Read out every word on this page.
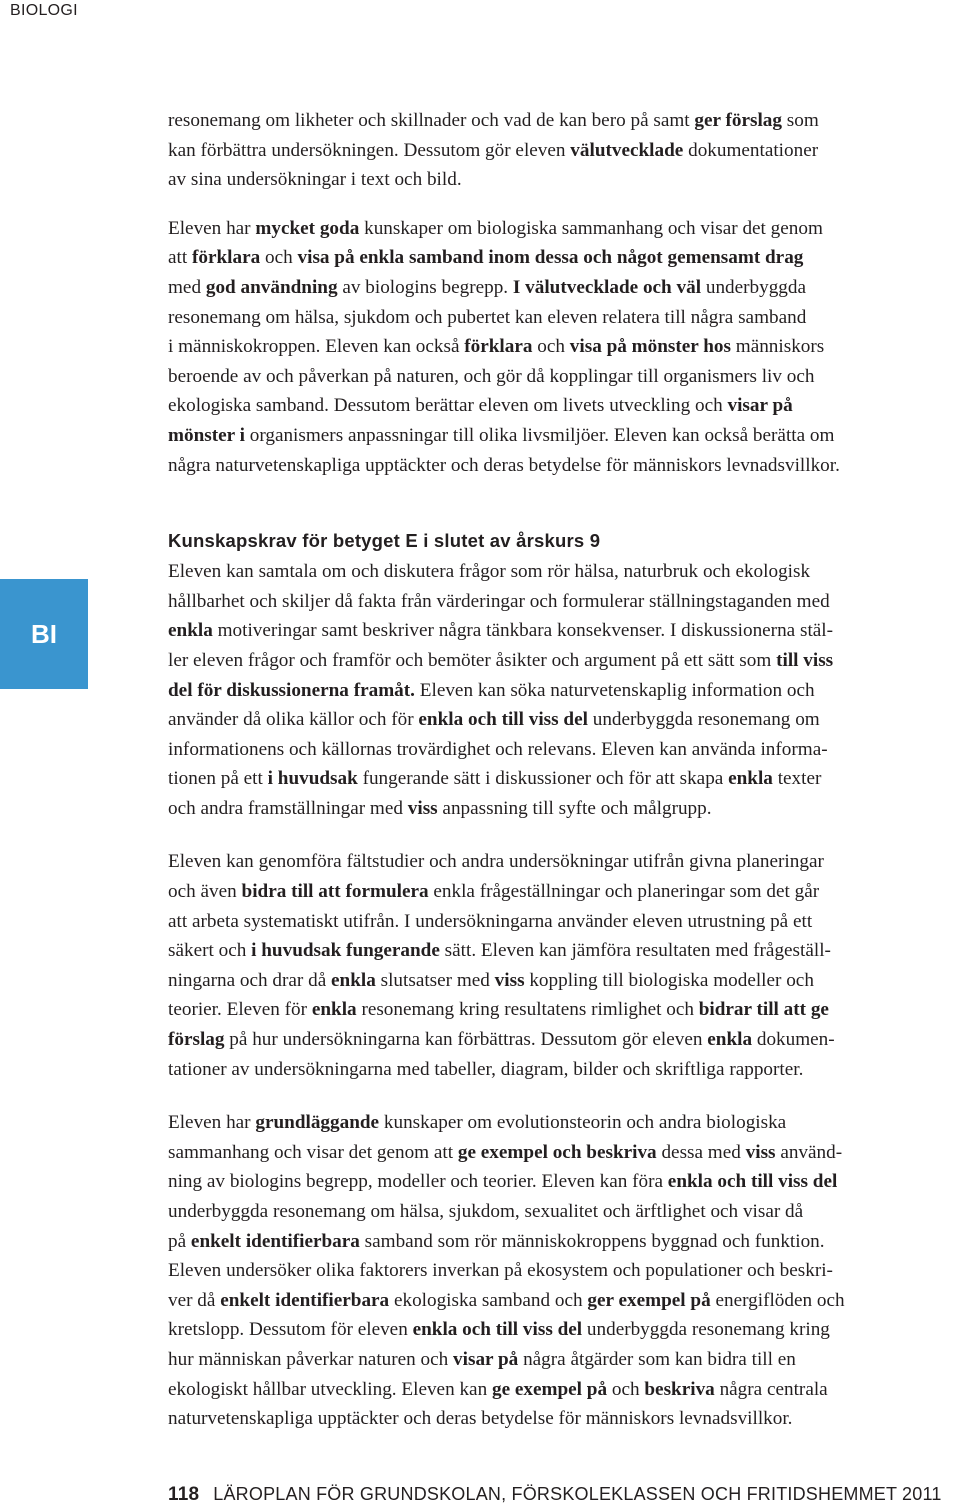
BIOLOGI
BI
resonemang om likheter och skillnader och vad de kan bero på samt ger förslag som
kan förbättra undersökningen. Dessutom gör eleven välutvecklade dokumentationer
av sina undersökningar i text och bild.
Eleven har mycket goda kunskaper om biologiska sammanhang och visar det genom
att förklara och visa på enkla samband inom dessa och något gemensamt drag
med god användning av biologins begrepp. I välutvecklade och väl underbyggda
resonemang om hälsa, sjukdom och pubertet kan eleven relatera till några samband
i människokroppen. Eleven kan också förklara och visa på mönster hos människors
beroende av och påverkan på naturen, och gör då kopplingar till organismers liv och
ekologiska samband. Dessutom berättar eleven om livets utveckling och visar på
mönster i organismers anpassningar till olika livsmiljöer. Eleven kan också berätta om
några naturvetenskapliga upptäckter och deras betydelse för människors levnadsvillkor.
Kunskapskrav för betyget E i slutet av årskurs 9
Eleven kan samtala om och diskutera frågor som rör hälsa, naturbruk och ekologisk
hållbarhet och skiljer då fakta från värderingar och formulerar ställningstaganden med
enkla motiveringar samt beskriver några tänkbara konsekvenser. I diskussionerna stäl-
ler eleven frågor och framför och bemöter åsikter och argument på ett sätt som till viss
del för diskussionerna framåt. Eleven kan söka naturvetenskaplig information och
använder då olika källor och för enkla och till viss del underbyggda resonemang om
informationens och källornas trovärdighet och relevans. Eleven kan använda informa-
tionen på ett i huvudsak fungerande sätt i diskussioner och för att skapa enkla texter
och andra framställningar med viss anpassning till syfte och målgrupp.
Eleven kan genomföra fältstudier och andra undersökningar utifrån givna planeringar
och även bidra till att formulera enkla frågeställningar och planeringar som det går
att arbeta systematiskt utifrån. I undersökningarna använder eleven utrustning på ett
säkert och i huvudsak fungerande sätt. Eleven kan jämföra resultaten med frågeställ-
ningarna och drar då enkla slutsatser med viss koppling till biologiska modeller och
teorier. Eleven för enkla resonemang kring resultatens rimlighet och bidrar till att ge
förslag på hur undersökningarna kan förbättras. Dessutom gör eleven enkla dokumen-
tationer av undersökningarna med tabeller, diagram, bilder och skriftliga rapporter.
Eleven har grundläggande kunskaper om evolutionsteorin och andra biologiska
sammanhang och visar det genom att ge exempel och beskriva dessa med viss använd-
ning av biologins begrepp, modeller och teorier. Eleven kan föra enkla och till viss del
underbyggda resonemang om hälsa, sjukdom, sexualitet och ärftlighet och visar då
på enkelt identifierbara samband som rör människokroppens byggnad och funktion.
Eleven undersöker olika faktorers inverkan på ekosystem och populationer och beskri-
ver då enkelt identifierbara ekologiska samband och ger exempel på energiflöden och
kretslopp. Dessutom för eleven enkla och till viss del underbyggda resonemang kring
hur människan påverkar naturen och visar på några åtgärder som kan bidra till en
ekologiskt hållbar utveckling. Eleven kan ge exempel på och beskriva några centrala
naturvetenskapliga upptäckter och deras betydelse för människors levnadsvillkor.
118 LÄROPLAN FÖR GRUNDSKOLAN, FÖRSKOLEKLASSEN OCH FRITIDSHEMMET 2011
